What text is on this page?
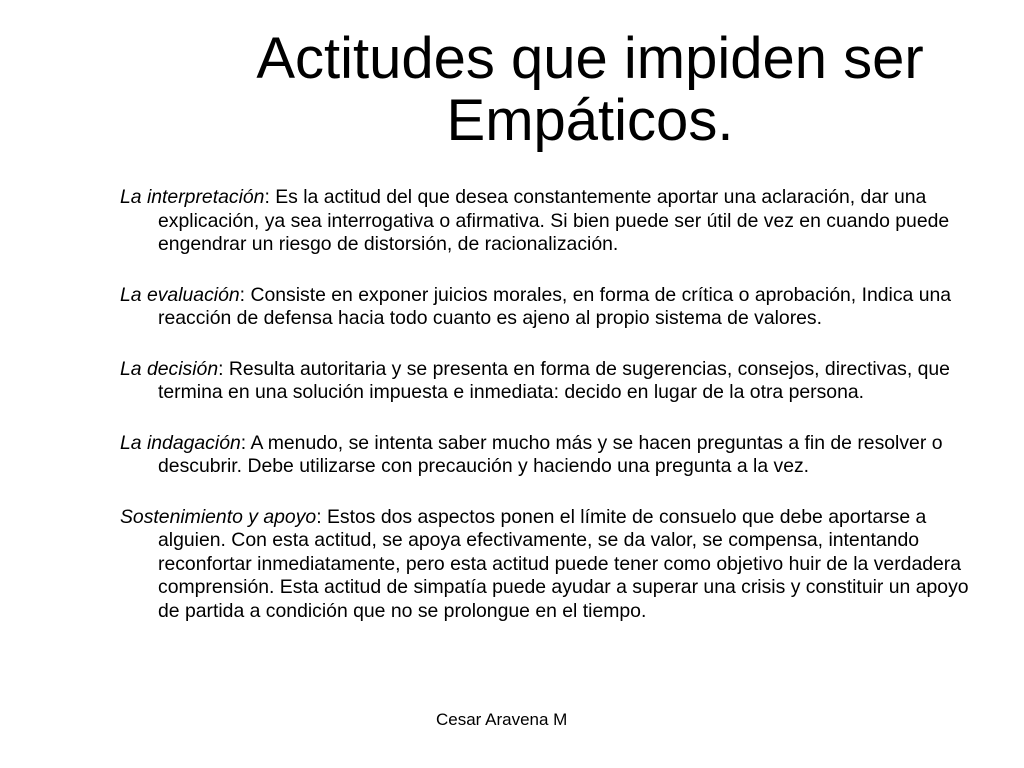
Actitudes que impiden ser Empáticos.

La interpretación: Es la actitud del que desea constantemente aportar una aclaración, dar una explicación, ya sea interrogativa o afirmativa. Si bien puede ser útil de vez en cuando puede engendrar un riesgo de distorsión, de racionalización.

La evaluación: Consiste en exponer juicios morales, en forma de crítica o aprobación, Indica una reacción de defensa hacia todo cuanto es ajeno al propio sistema de valores.

La decisión: Resulta autoritaria y se presenta en forma de sugerencias, consejos, directivas, que termina en una solución impuesta e inmediata: decido en lugar de la otra persona.

La indagación: A menudo, se intenta saber mucho más y se hacen preguntas a fin de resolver o descubrir. Debe utilizarse con precaución y haciendo una pregunta a la vez.

Sostenimiento y apoyo: Estos dos aspectos ponen el límite de consuelo que debe aportarse a alguien. Con esta actitud, se apoya efectivamente, se da valor, se compensa, intentando reconfortar inmediatamente, pero esta actitud puede tener como objetivo huir de la verdadera comprensión. Esta actitud de simpatía puede ayudar a superar una crisis y constituir un apoyo de partida a condición que no se prolongue en el tiempo.

Cesar Aravena M
